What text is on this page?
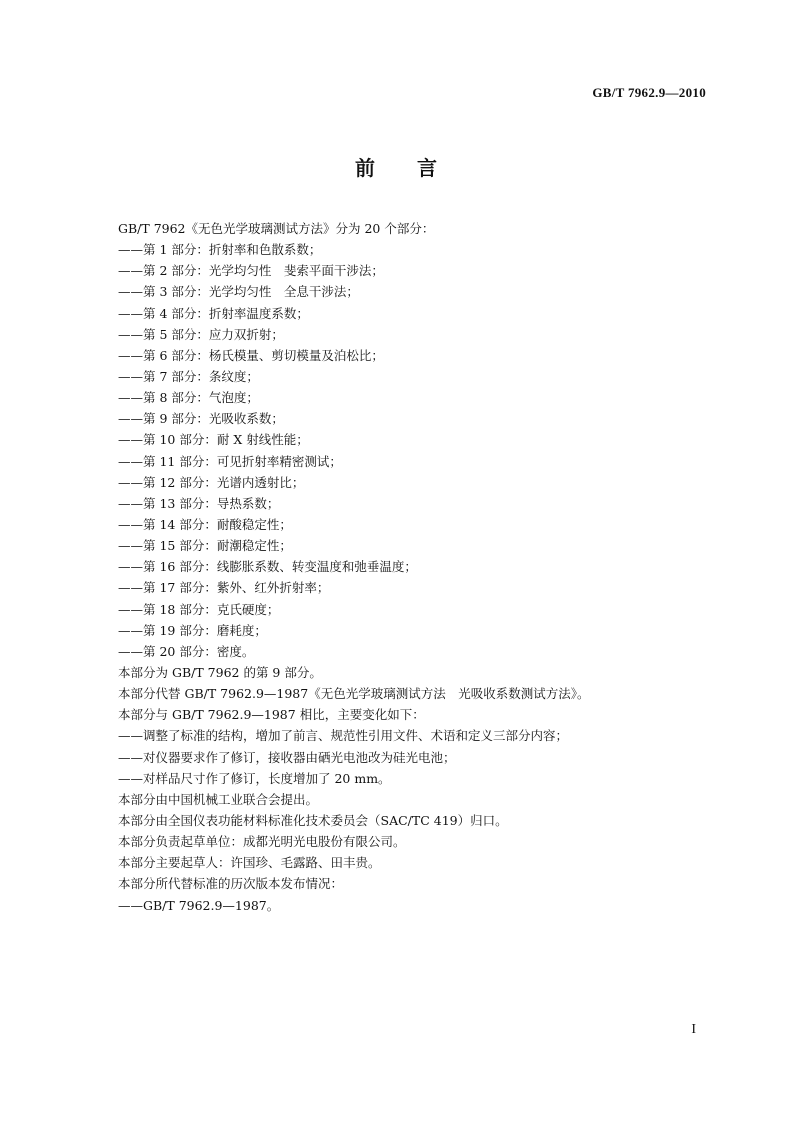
GB/T 7962.9—2010
前 言
GB/T 7962《无色光学玻璃测试方法》分为 20 个部分：
——第 1 部分：折射率和色散系数；
——第 2 部分：光学均匀性　斐索平面干涉法；
——第 3 部分：光学均匀性　全息干涉法；
——第 4 部分：折射率温度系数；
——第 5 部分：应力双折射；
——第 6 部分：杨氏模量、剪切模量及泊松比；
——第 7 部分：条纹度；
——第 8 部分：气泡度；
——第 9 部分：光吸收系数；
——第 10 部分：耐 X 射线性能；
——第 11 部分：可见折射率精密测试；
——第 12 部分：光谱内透射比；
——第 13 部分：导热系数；
——第 14 部分：耐酸稳定性；
——第 15 部分：耐潮稳定性；
——第 16 部分：线膨胀系数、转变温度和弛垂温度；
——第 17 部分：紫外、红外折射率；
——第 18 部分：克氏硬度；
——第 19 部分：磨耗度；
——第 20 部分：密度。
本部分为 GB/T 7962 的第 9 部分。
本部分代替 GB/T 7962.9—1987《无色光学玻璃测试方法　光吸收系数测试方法》。
本部分与 GB/T 7962.9—1987 相比，主要变化如下：
——调整了标准的结构，增加了前言、规范性引用文件、术语和定义三部分内容；
——对仪器要求作了修订，接收器由硒光电池改为硅光电池；
——对样品尺寸作了修订，长度增加了 20 mm。
本部分由中国机械工业联合会提出。
本部分由全国仪表功能材料标准化技术委员会（SAC/TC 419）归口。
本部分负责起草单位：成都光明光电股份有限公司。
本部分主要起草人：许国珍、毛露路、田丰贵。
本部分所代替标准的历次版本发布情况：
——GB/T 7962.9—1987。
I
